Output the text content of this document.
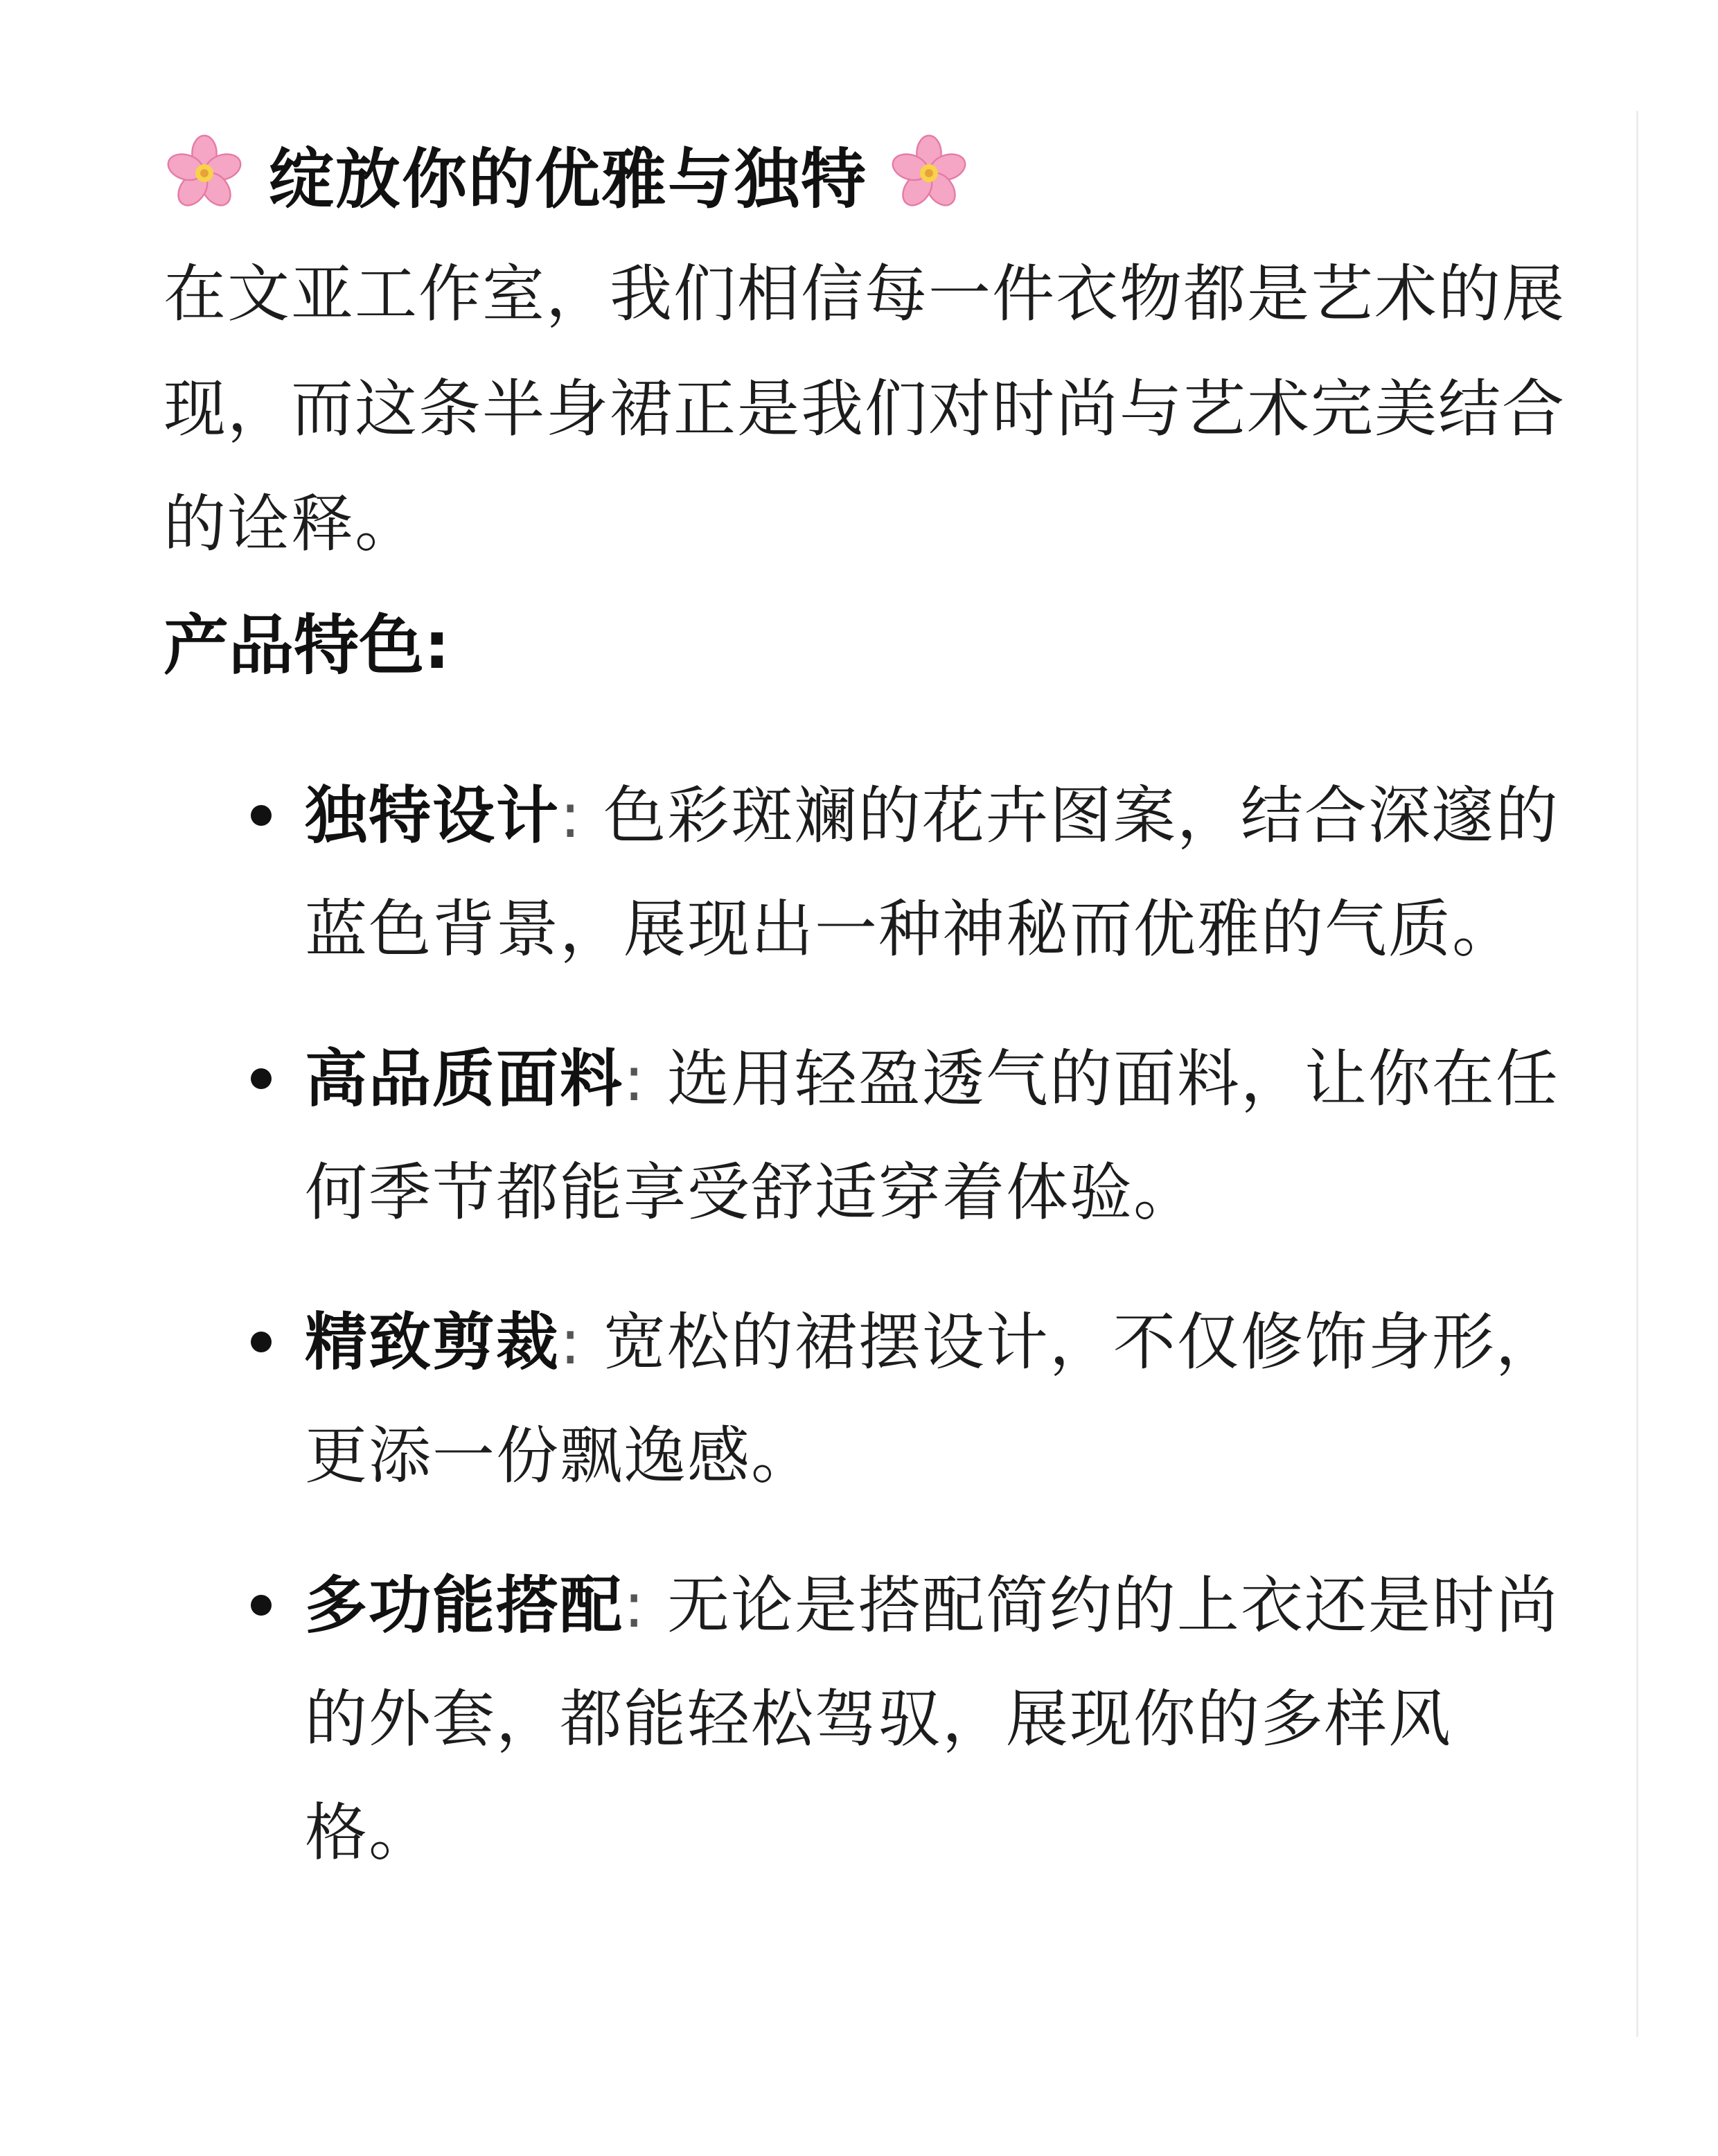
绽放你的优雅与独特

在文亚工作室，我们相信每一件衣物都是艺术的展现，而这条半身裙正是我们对时尚与艺术完美结合的诠释。

产品特色:
独特设计: 色彩斑斓的花卉图案，结合深邃的蓝色背景，展现出一种神秘而优雅的气质。
高品质面料: 选用轻盈透气的面料，让你在任何季节都能享受舒适穿着体验。
精致剪裁: 宽松的裙摆设计，不仅修饰身形，更添一份飘逸感。
多功能搭配: 无论是搭配简约的上衣还是时尚的外套，都能轻松驾驭，展现你的多样风格。
